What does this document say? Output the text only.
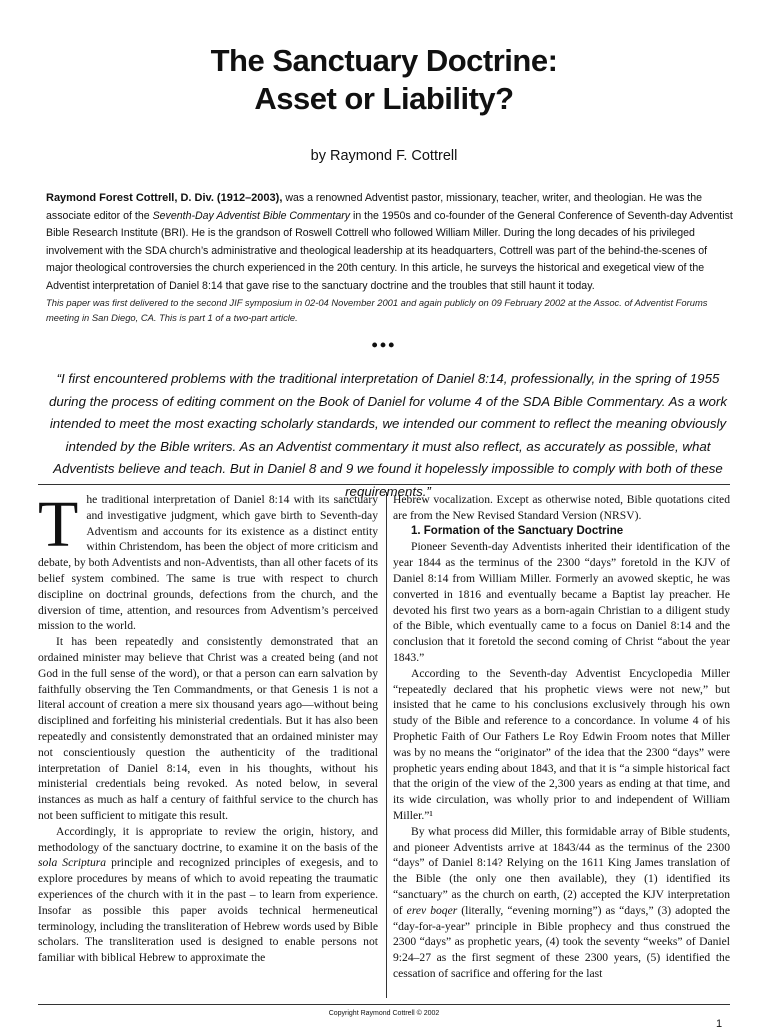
The Sanctuary Doctrine:
Asset or Liability?
by Raymond F. Cottrell
Raymond Forest Cottrell, D. Div. (1912–2003), was a renowned Adventist pastor, missionary, teacher, writer, and theologian. He was the associate editor of the Seventh-Day Adventist Bible Commentary in the 1950s and co-founder of the General Conference of Seventh-day Adventist Bible Research Institute (BRI). He is the grandson of Roswell Cottrell who followed William Miller. During the long decades of his privileged involvement with the SDA church’s administrative and theological leadership at its headquarters, Cottrell was part of the behind-the-scenes of major theological controversies the church experienced in the 20th century. In this article, he surveys the historical and exegetical view of the Adventist interpretation of Daniel 8:14 that gave rise to the sanctuary doctrine and the troubles that still haunt it today.
This paper was first delivered to the second JIF symposium in 02-04 November 2001 and again publicly on 09 February 2002 at the Assoc. of Adventist Forums meeting in San Diego, CA. This is part 1 of a two-part article.
•••
“I first encountered problems with the traditional interpretation of Daniel 8:14, professionally, in the spring of 1955 during the process of editing comment on the Book of Daniel for volume 4 of the SDA Bible Commentary. As a work intended to meet the most exacting scholarly standards, we intended our comment to reflect the meaning obviously intended by the Bible writers. As an Adventist commentary it must also reflect, as accurately as possible, what Adventists believe and teach. But in Daniel 8 and 9 we found it hopelessly impossible to comply with both of these requirements.”

The traditional interpretation of Daniel 8:14 with its sanctuary and investigative judgment, which gave birth to Seventh-day Adventism and accounts for its existence as a distinct entity within Christendom, has been the object of more criticism and debate, by both Adventists and non-Adventists, than all other facets of its belief system combined. The same is true with respect to church discipline on doctrinal grounds, defections from the church, and the diversion of time, attention, and resources from Adventism’s perceived mission to the world.

It has been repeatedly and consistently demonstrated that an ordained minister may believe that Christ was a created being (and not God in the full sense of the word), or that a person can earn salvation by faithfully observing the Ten Commandments, or that Genesis 1 is not a literal account of creation a mere six thousand years ago—without being disciplined and forfeiting his ministerial credentials. But it has also been repeatedly and consistently demonstrated that an ordained minister may not conscientiously question the authenticity of the traditional interpretation of Daniel 8:14, even in his thoughts, without his ministerial credentials being revoked. As noted below, in several instances as much as half a century of faithful service to the church has not been sufficient to mitigate this result.

Accordingly, it is appropriate to review the origin, history, and methodology of the sanctuary doctrine, to examine it on the basis of the sola Scriptura principle and recognized principles of exegesis, and to explore procedures by means of which to avoid repeating the traumatic experiences of the church with it in the past – to learn from experience. Insofar as possible this paper avoids technical hermeneutical terminology, including the transliteration of Hebrew words used by Bible scholars. The transliteration used is designed to enable persons not familiar with biblical Hebrew to approximate the

Hebrew vocalization. Except as otherwise noted, Bible quotations cited are from the New Revised Standard Version (NRSV).

1. Formation of the Sanctuary Doctrine

Pioneer Seventh-day Adventists inherited their identification of the year 1844 as the terminus of the 2300 “days” foretold in the KJV of Daniel 8:14 from William Miller. Formerly an avowed skeptic, he was converted in 1816 and eventually became a Baptist lay preacher. He devoted his first two years as a born-again Christian to a diligent study of the Bible, which eventually came to a focus on Daniel 8:14 and the conclusion that it foretold the second coming of Christ “about the year 1843.”

According to the Seventh-day Adventist Encyclopedia Miller “repeatedly declared that his prophetic views were not new,” but insisted that he came to his conclusions exclusively through his own study of the Bible and reference to a concordance. In volume 4 of his Prophetic Faith of Our Fathers Le Roy Edwin Froom notes that Miller was by no means the “originator” of the idea that the 2300 “days” were prophetic years ending about 1843, and that it is “a simple historical fact that the origin of the view of the 2,300 years as ending at that time, and its wide circulation, was wholly prior to and independent of William Miller.”¹

By what process did Miller, this formidable array of Bible students, and pioneer Adventists arrive at 1843/44 as the terminus of the 2300 “days” of Daniel 8:14? Relying on the 1611 King James translation of the Bible (the only one then available), they (1) identified its “sanctuary” as the church on earth, (2) accepted the KJV interpretation of erev boqer (literally, “evening morning”) as “days,” (3) adopted the “day-for-a-year” principle in Bible prophecy and thus construed the 2300 “days” as prophetic years, (4) took the seventy “weeks” of Daniel 9:24–27 as the first segment of these 2300 years, (5) identified the cessation of sacrifice and offering for the last

Copyright Raymond Cottrell © 2002
1
